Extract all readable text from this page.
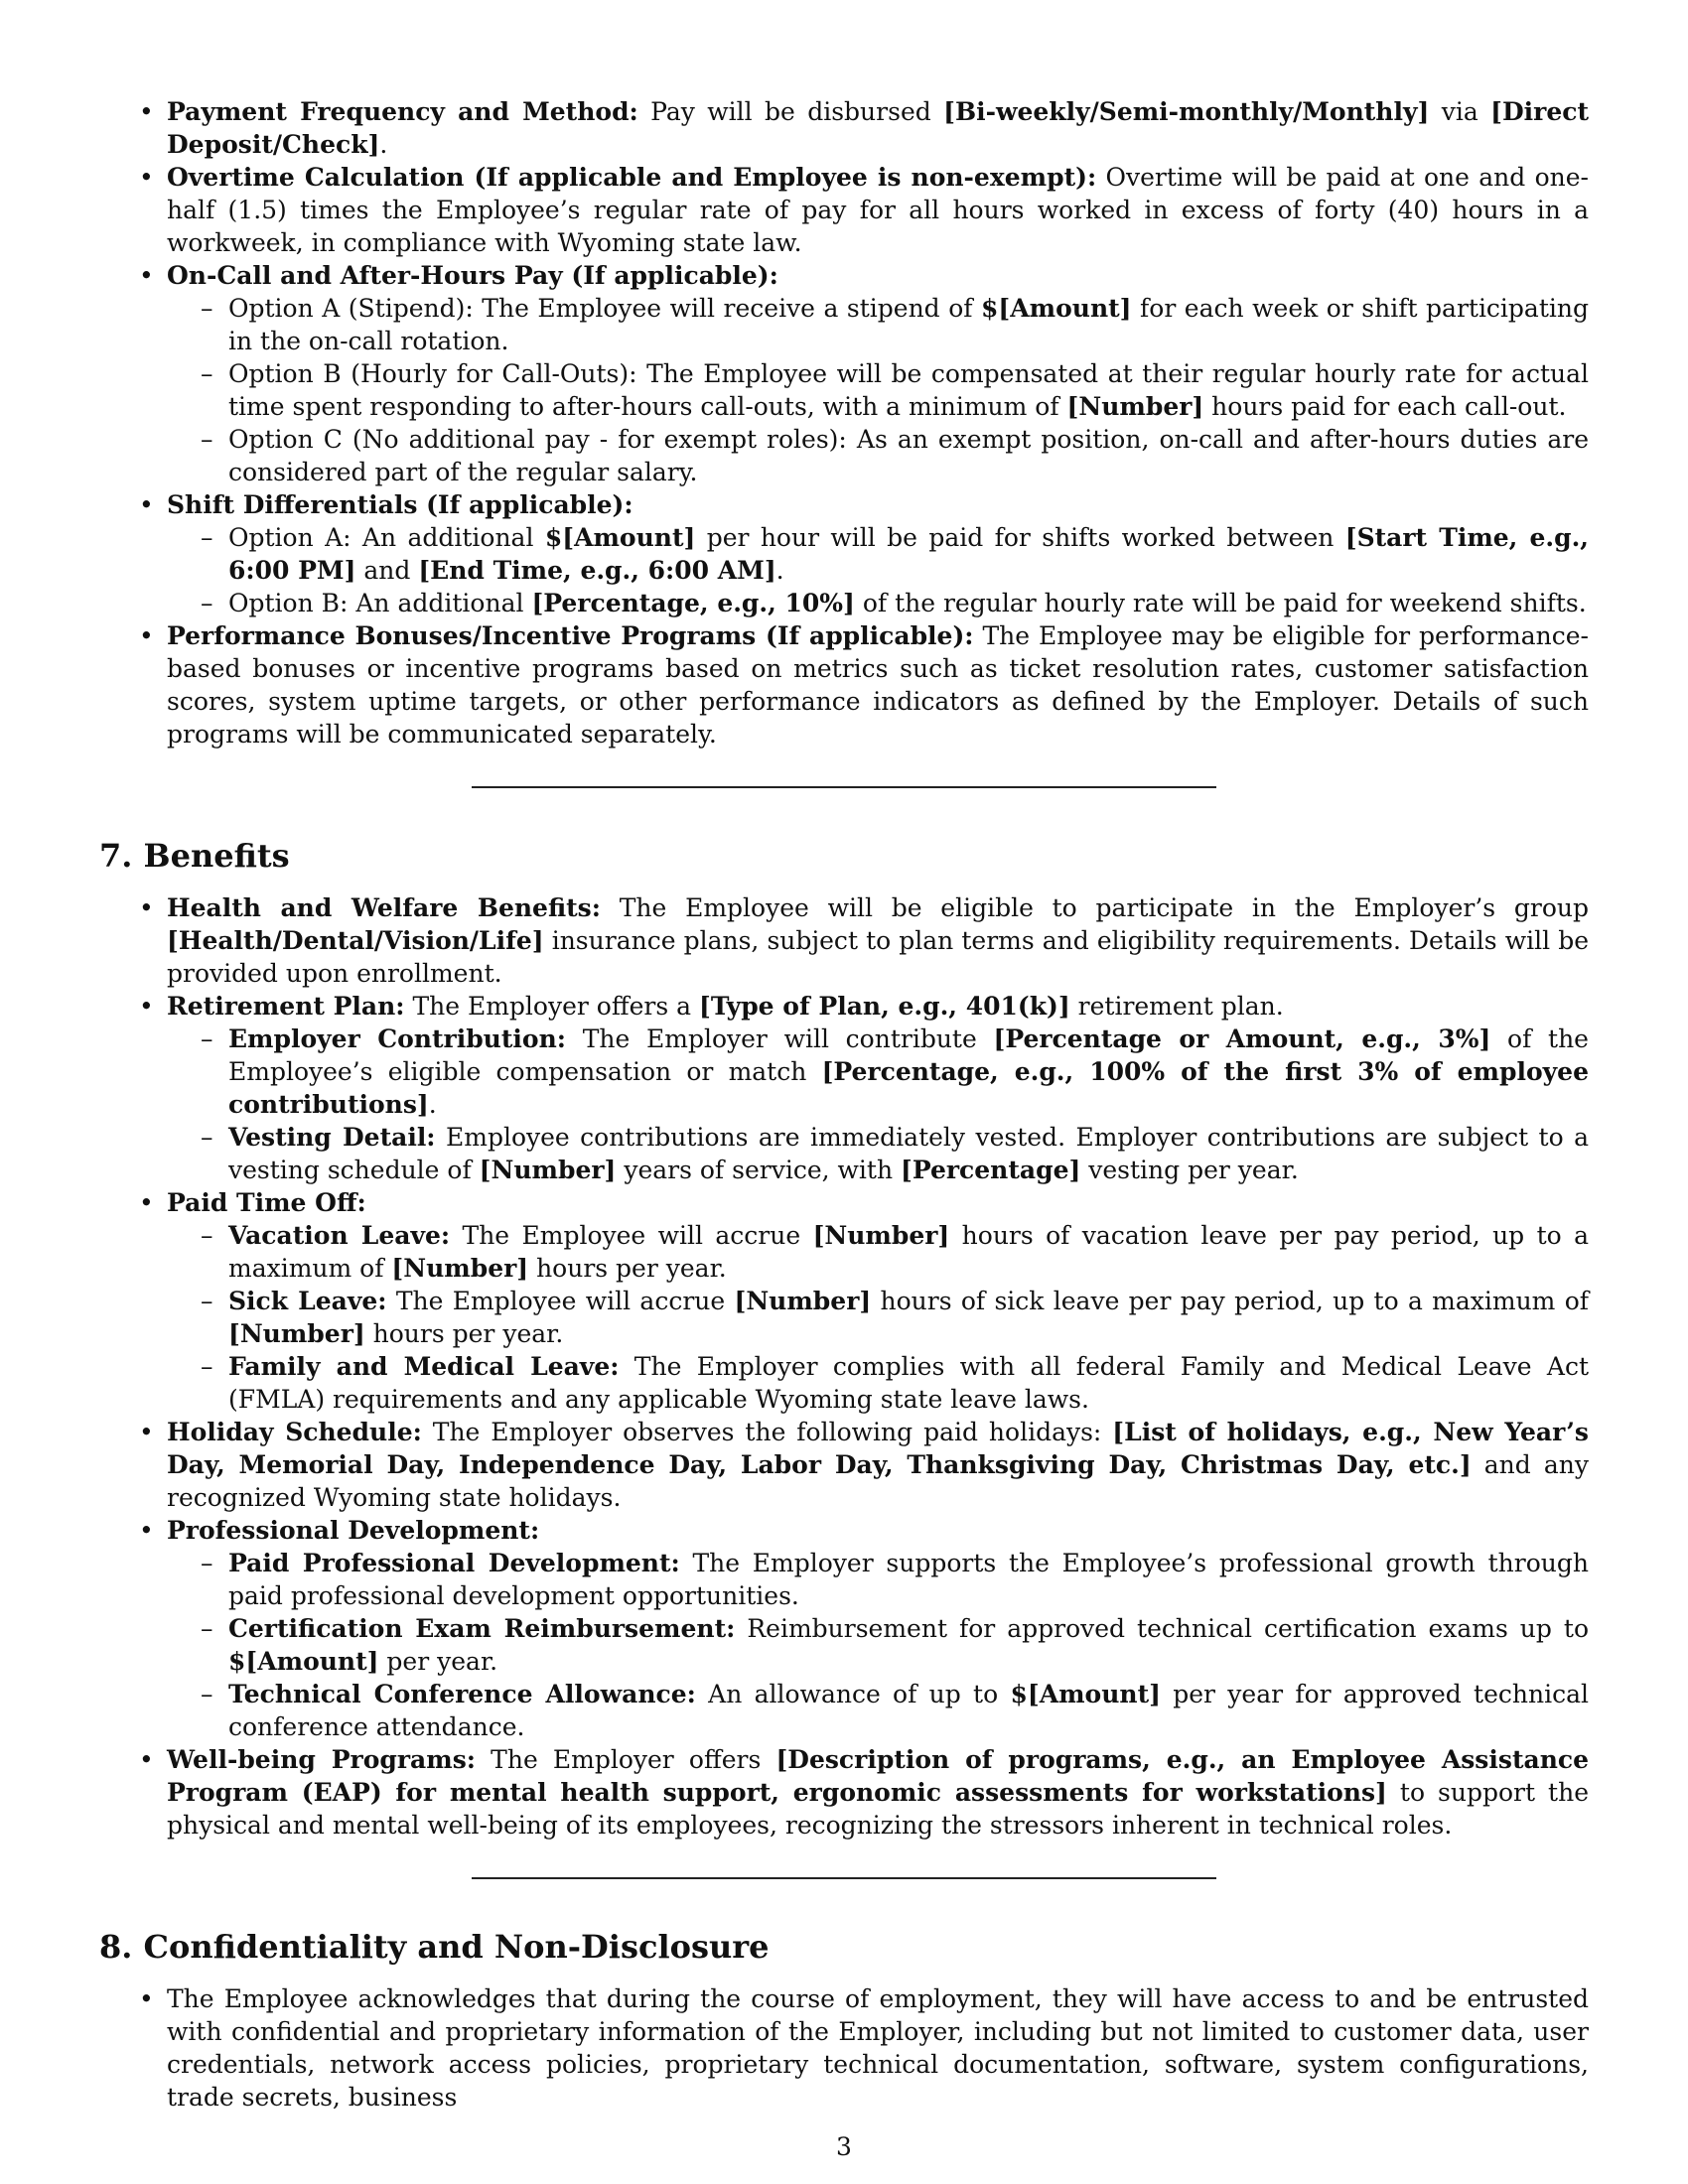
• Payment Frequency and Method: Pay will be disbursed [Bi-weekly/Semi-monthly/Monthly] via [Direct Deposit/Check].
• Overtime Calculation (If applicable and Employee is non-exempt): Overtime will be paid at one and one-half (1.5) times the Employee’s regular rate of pay for all hours worked in excess of forty (40) hours in a workweek, in compliance with Wyoming state law.
• On-Call and After-Hours Pay (If applicable):
– Option A (Stipend): The Employee will receive a stipend of $[Amount] for each week or shift participating in the on-call rotation.
– Option B (Hourly for Call-Outs): The Employee will be compensated at their regular hourly rate for actual time spent responding to after-hours call-outs, with a minimum of [Number] hours paid for each call-out.
– Option C (No additional pay - for exempt roles): As an exempt position, on-call and after-hours duties are considered part of the regular salary.
• Shift Differentials (If applicable):
– Option A: An additional $[Amount] per hour will be paid for shifts worked between [Start Time, e.g., 6:00 PM] and [End Time, e.g., 6:00 AM].
– Option B: An additional [Percentage, e.g., 10%] of the regular hourly rate will be paid for weekend shifts.
• Performance Bonuses/Incentive Programs (If applicable): The Employee may be eligible for performance-based bonuses or incentive programs based on metrics such as ticket resolution rates, customer satisfaction scores, system uptime targets, or other performance indicators as defined by the Employer. Details of such programs will be communicated separately.
7. Benefits
• Health and Welfare Benefits: The Employee will be eligible to participate in the Employer’s group [Health/Dental/Vision/Life] insurance plans, subject to plan terms and eligibility requirements. Details will be provided upon enrollment.
• Retirement Plan: The Employer offers a [Type of Plan, e.g., 401(k)] retirement plan.
– Employer Contribution: The Employer will contribute [Percentage or Amount, e.g., 3%] of the Employee’s eligible compensation or match [Percentage, e.g., 100% of the first 3% of employee contributions].
– Vesting Detail: Employee contributions are immediately vested. Employer contributions are subject to a vesting schedule of [Number] years of service, with [Percentage] vesting per year.
• Paid Time Off:
– Vacation Leave: The Employee will accrue [Number] hours of vacation leave per pay period, up to a maximum of [Number] hours per year.
– Sick Leave: The Employee will accrue [Number] hours of sick leave per pay period, up to a maximum of [Number] hours per year.
– Family and Medical Leave: The Employer complies with all federal Family and Medical Leave Act (FMLA) requirements and any applicable Wyoming state leave laws.
• Holiday Schedule: The Employer observes the following paid holidays: [List of holidays, e.g., New Year’s Day, Memorial Day, Independence Day, Labor Day, Thanksgiving Day, Christmas Day, etc.] and any recognized Wyoming state holidays.
• Professional Development:
– Paid Professional Development: The Employer supports the Employee’s professional growth through paid professional development opportunities.
– Certification Exam Reimbursement: Reimbursement for approved technical certification exams up to $[Amount] per year.
– Technical Conference Allowance: An allowance of up to $[Amount] per year for approved technical conference attendance.
• Well-being Programs: The Employer offers [Description of programs, e.g., an Employee Assistance Program (EAP) for mental health support, ergonomic assessments for workstations] to support the physical and mental well-being of its employees, recognizing the stressors inherent in technical roles.
8. Confidentiality and Non-Disclosure
• The Employee acknowledges that during the course of employment, they will have access to and be entrusted with confidential and proprietary information of the Employer, including but not limited to customer data, user credentials, network access policies, proprietary technical documentation, software, system configurations, trade secrets, business
3
